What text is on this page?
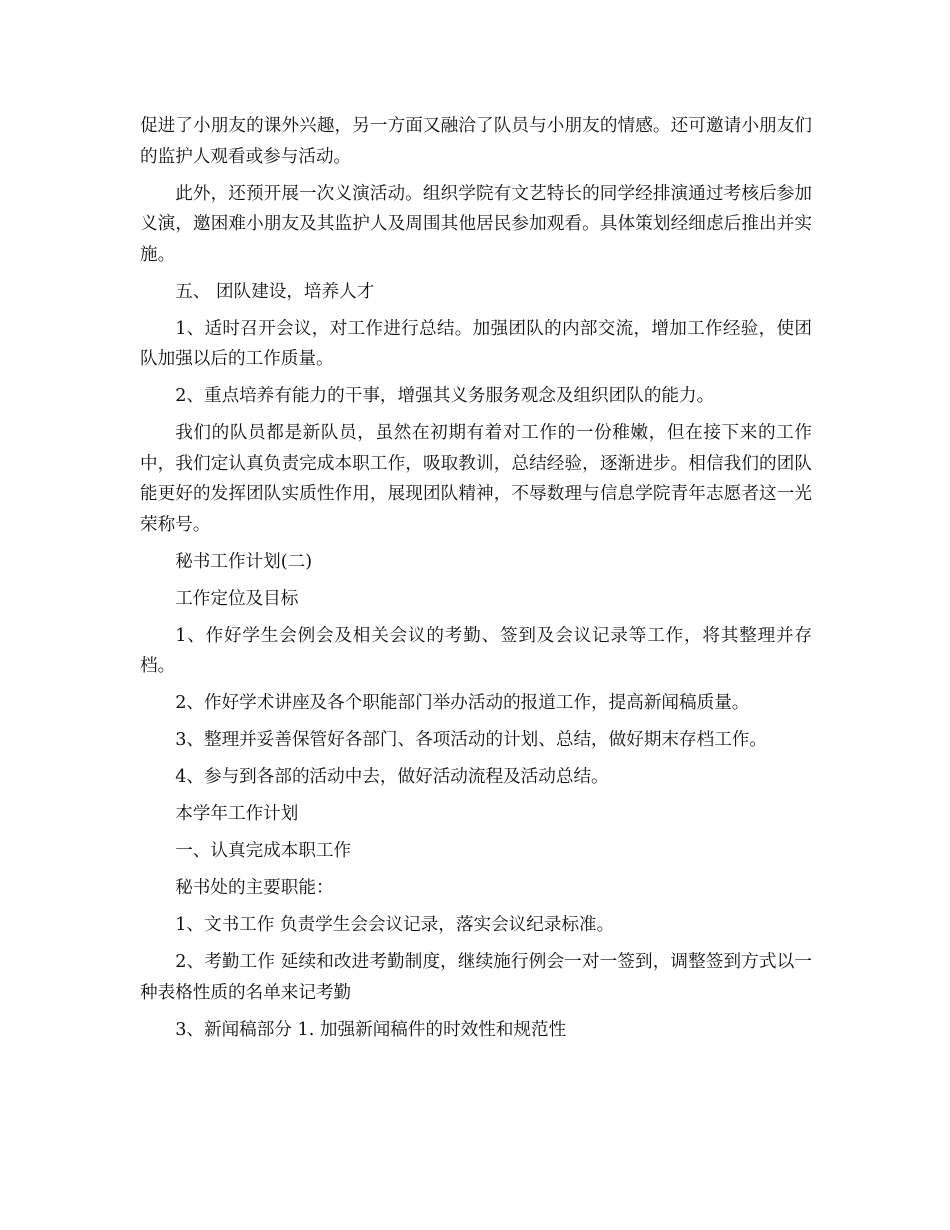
促进了小朋友的课外兴趣，另一方面又融洽了队员与小朋友的情感。还可邀请小朋友们的监护人观看或参与活动。

此外，还预开展一次义演活动。组织学院有文艺特长的同学经排演通过考核后参加义演，邀困难小朋友及其监护人及周围其他居民参加观看。具体策划经细虑后推出并实施。

五、 团队建设，培养人才

1、适时召开会议，对工作进行总结。加强团队的内部交流，增加工作经验，使团队加强以后的工作质量。

2、重点培养有能力的干事，增强其义务服务观念及组织团队的能力。

我们的队员都是新队员，虽然在初期有着对工作的一份稚嫩，但在接下来的工作中，我们定认真负责完成本职工作，吸取教训，总结经验，逐渐进步。相信我们的团队能更好的发挥团队实质性作用，展现团队精神，不辱数理与信息学院青年志愿者这一光荣称号。

秘书工作计划(二)

工作定位及目标

1、作好学生会例会及相关会议的考勤、签到及会议记录等工作，将其整理并存档。

2、作好学术讲座及各个职能部门举办活动的报道工作，提高新闻稿质量。

3、整理并妥善保管好各部门、各项活动的计划、总结，做好期末存档工作。

4、参与到各部的活动中去，做好活动流程及活动总结。

本学年工作计划

一、认真完成本职工作

秘书处的主要职能：

1、文书工作 负责学生会会议记录，落实会议纪录标准。

2、考勤工作 延续和改进考勤制度，继续施行例会一对一签到，调整签到方式以一种表格性质的名单来记考勤

3、新闻稿部分 1. 加强新闻稿件的时效性和规范性
